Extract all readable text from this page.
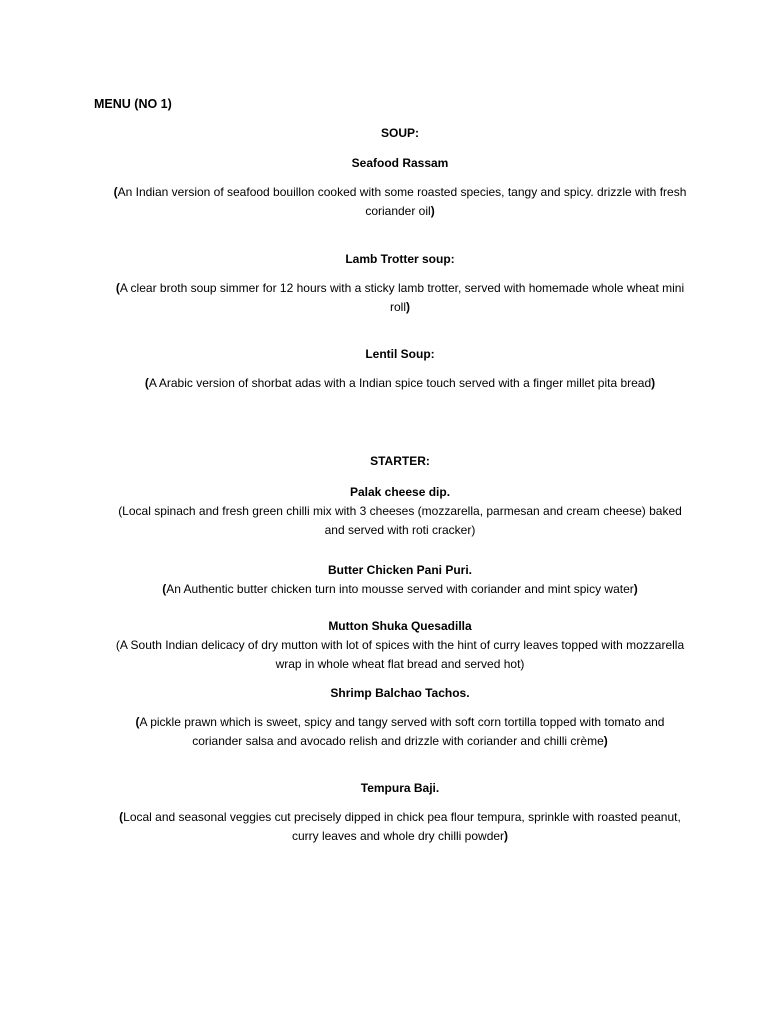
MENU (NO 1)
SOUP:
Seafood Rassam
(An Indian version of seafood bouillon cooked with some roasted species, tangy and spicy. drizzle with fresh coriander oil)
Lamb Trotter soup:
(A clear broth soup simmer for 12 hours with a sticky lamb trotter, served with homemade whole wheat mini roll)
Lentil Soup:
(A Arabic version of shorbat adas with a Indian spice touch served with a finger millet pita bread)
STARTER:
Palak cheese dip.
(Local spinach and fresh green chilli mix with 3 cheeses (mozzarella, parmesan and cream cheese) baked and served with roti cracker)
Butter Chicken Pani Puri.
(An Authentic butter chicken turn into mousse served with coriander and mint spicy water)
Mutton Shuka Quesadilla
(A South Indian delicacy of dry mutton with lot of spices with the hint of curry leaves topped with mozzarella wrap in whole wheat flat bread and served hot)
Shrimp Balchao Tachos.
(A pickle prawn which is sweet, spicy and tangy served with soft corn tortilla topped with tomato and coriander salsa and avocado relish and drizzle with coriander and chilli crème)
Tempura Baji.
(Local and seasonal veggies cut precisely dipped in chick pea flour tempura, sprinkle with roasted peanut, curry leaves and whole dry chilli powder)
